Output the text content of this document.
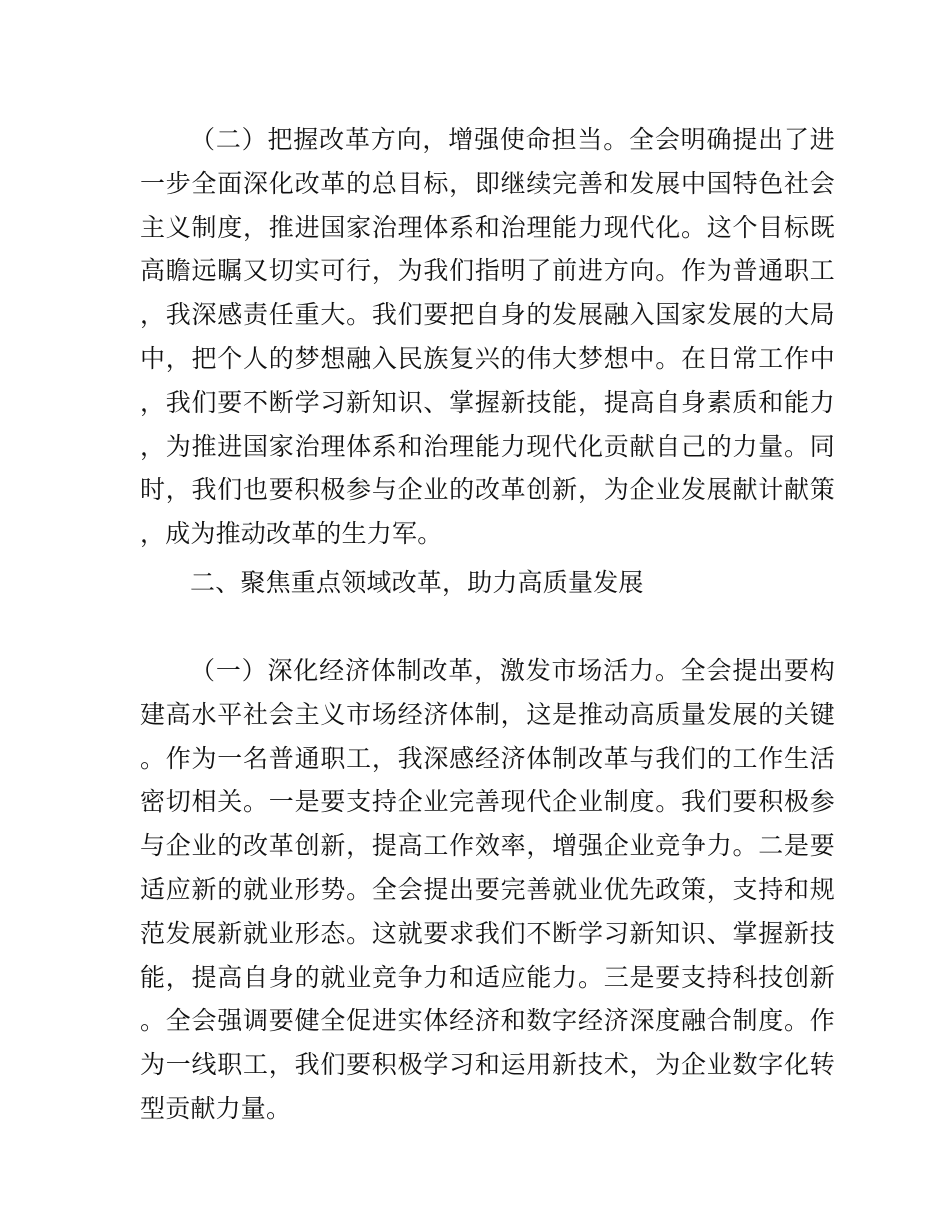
（二）把握改革方向，增强使命担当。全会明确提出了进一步全面深化改革的总目标，即继续完善和发展中国特色社会主义制度，推进国家治理体系和治理能力现代化。这个目标既高瞻远瞩又切实可行，为我们指明了前进方向。作为普通职工，我深感责任重大。我们要把自身的发展融入国家发展的大局中，把个人的梦想融入民族复兴的伟大梦想中。在日常工作中，我们要不断学习新知识、掌握新技能，提高自身素质和能力，为推进国家治理体系和治理能力现代化贡献自己的力量。同时，我们也要积极参与企业的改革创新，为企业发展献计献策，成为推动改革的生力军。

二、聚焦重点领域改革，助力高质量发展

（一）深化经济体制改革，激发市场活力。全会提出要构建高水平社会主义市场经济体制，这是推动高质量发展的关键。作为一名普通职工，我深感经济体制改革与我们的工作生活密切相关。一是要支持企业完善现代企业制度。我们要积极参与企业的改革创新，提高工作效率，增强企业竞争力。二是要适应新的就业形势。全会提出要完善就业优先政策，支持和规范发展新就业形态。这就要求我们不断学习新知识、掌握新技能，提高自身的就业竞争力和适应能力。三是要支持科技创新。全会强调要健全促进实体经济和数字经济深度融合制度。作为一线职工，我们要积极学习和运用新技术，为企业数字化转型贡献力量。
